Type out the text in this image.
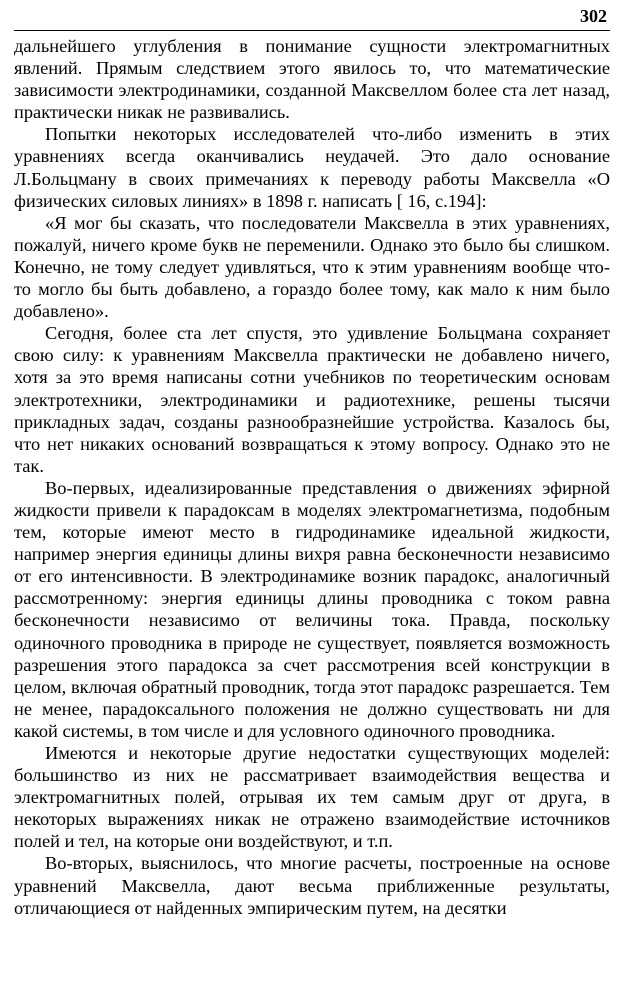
302

дальнейшего углубления в понимание сущности электромагнитных явлений. Прямым следствием этого явилось то, что математические зависимости электродинамики, созданной Максвеллом более ста лет назад, практически никак не развивались.

Попытки некоторых исследователей что-либо изменить в этих уравнениях всегда оканчивались неудачей. Это дало основание Л.Больцману в своих примечаниях к переводу работы Максвелла «О физических силовых линиях» в 1898 г. написать [ 16, с.194]:

«Я мог бы сказать, что последователи Максвелла в этих уравнениях, пожалуй, ничего кроме букв не переменили. Однако это было бы слишком. Конечно, не тому следует удивляться, что к этим уравнениям вообще что-то могло бы быть добавлено, а гораздо более тому, как мало к ним было добавлено».

Сегодня, более ста лет спустя, это удивление Больцмана сохраняет свою силу: к уравнениям Максвелла практически не добавлено ничего, хотя за это время написаны сотни учебников по теоретическим основам электротехники, электродинамики и радиотехнике, решены тысячи прикладных задач, созданы разнообразнейшие устройства. Казалось бы, что нет никаких оснований возвращаться к этому вопросу. Однако это не так.

Во-первых, идеализированные представления о движениях эфирной жидкости привели к парадоксам в моделях электромагнетизма, подобным тем, которые имеют место в гидродинамике идеальной жидкости, например энергия единицы длины вихря равна бесконечности независимо от его интенсивности. В электродинамике возник парадокс, аналогичный рассмотренному: энергия единицы длины проводника с током равна бесконечности независимо от величины тока. Правда, поскольку одиночного проводника в природе не существует, появляется возможность разрешения этого парадокса за счет рассмотрения всей конструкции в целом, включая обратный проводник, тогда этот парадокс разрешается. Тем не менее, парадоксального положения не должно существовать ни для какой системы, в том числе и для условного одиночного проводника.

Имеются и некоторые другие недостатки существующих моделей: большинство из них не рассматривает взаимодействия вещества и электромагнитных полей, отрывая их тем самым друг от друга, в некоторых выражениях никак не отражено взаимодействие источников полей и тел, на которые они воздействуют, и т.п.

Во-вторых, выяснилось, что многие расчеты, построенные на основе уравнений Максвелла, дают весьма приближенные результаты, отличающиеся от найденных эмпирическим путем, на десятки
